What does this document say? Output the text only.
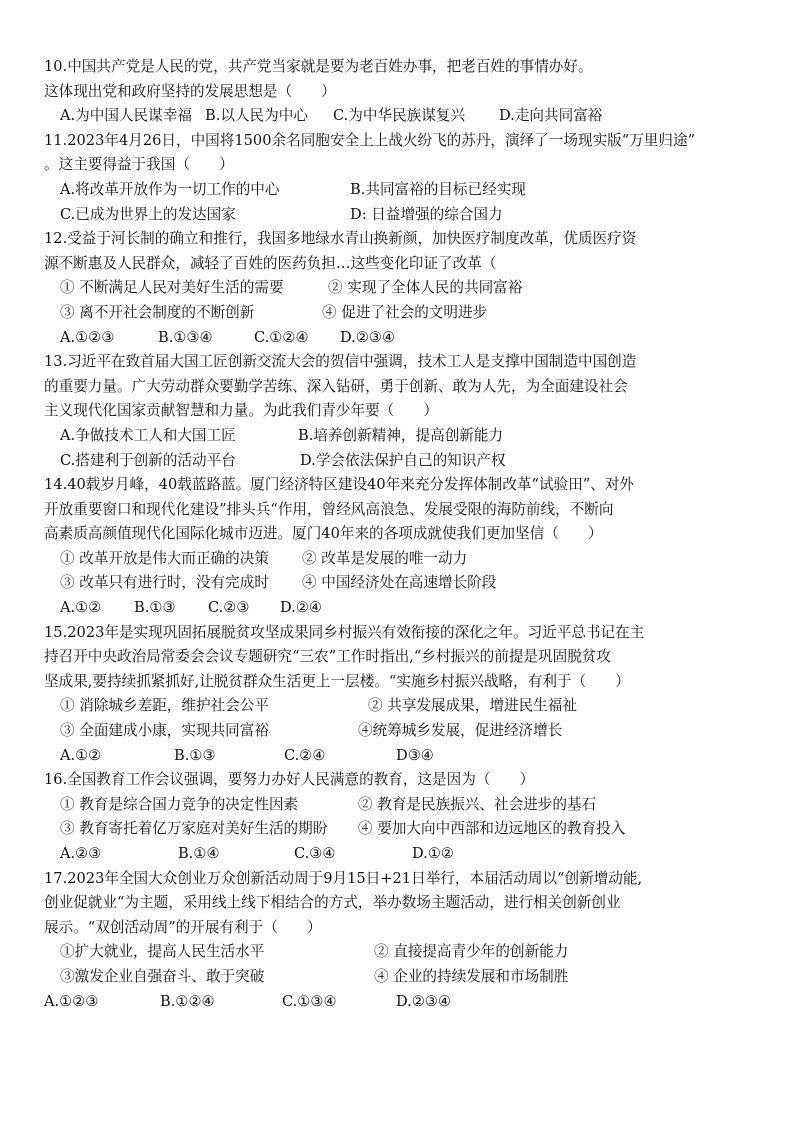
10.中国共产党是人民的党，共产党当家就是要为老百姓办事，把老百姓的事情办好。
这体现出党和政府坚持的发展思想是（　　）
A.为中国人民谋幸福 B.以人民为中心	C.为中华民族谋复兴	D.走向共同富裕
11.2023年4月26日，中国将1500余名同胞安全上上战火纷飞的苏丹，演绎了一场现实版“万里归途”
。这主要得益于我国（　　）
A.将改革开放作为一切工作的中心	B.共同富裕的目标已经实现
C.已成为世界上的发达国家	D: 日益增强的综合国力
12.受益于河长制的确立和推行，我国多地绿水青山换新颜，加快医疗制度改革，优质医疗资
源不断惠及人民群众，减轻了百姓的医药负担…这些变化印证了改革（
① 不断满足人民对美好生活的需要	② 实现了全体人民的共同富裕
③ 离不开社会制度的不断创新	④ 促进了社会的文明进步
A.①②③	B.①③④	C.①②④	D.②③④
13.习近平在致首届大国工匠创新交流大会的贺信中强调，技术工人是支撑中国制造中国创造
的重要力量。广大劳动群众要勤学苦练、深入钻研，勇于创新、敢为人先，为全面建设社会
主义现代化国家贡献智慧和力量。为此我们青少年要（　　）
A.争做技术工人和大国工匠	B.培养创新精神，提高创新能力
C.搭建利于创新的活动平台	D.学会依法保护自己的知识产权
14.40载岁月峰，40载蓝路蓝。厦门经济特区建设40年来充分发挥体制改革“试验田”、对外
开放重要窗口和现代化建设”排头兵“作用，曾经风高浪急、发展受限的海防前线，不断向
高素质高颜值现代化国际化城市迈进。厦门40年来的各项成就使我们更加坚信（　　）
① 改革开放是伟大而正确的决策	② 改革是发展的唯一动力
③ 改革只有进行时，没有完成时	④ 中国经济处在高速增长阶段
A.①②	B.①③	C.②③	D.②④
15.2023年是实现巩固拓展脱贫攻坚成果同乡村振兴有效衔接的深化之年。习近平总书记在主
持召开中央政治局常委会会议专题研究“三农”工作时指出,“乡村振兴的前提是巩固脱贫攻
坚成果,要持续抓紧抓好,让脱贫群众生活更上一层楼。“实施乡村振兴战略，有利于（　　）
① 消除城乡差距，维护社会公平	② 共享发展成果，增进民生福祉
③ 全面建成小康，实现共同富裕	④统筹城乡发展，促进经济增长
A.①②	B.①③	C.②④	D③④
16.全国教育工作会议强调，要努力办好人民满意的教育，这是因为（　　）
① 教育是综合国力竞争的决定性因素	② 教育是民族振兴、社会进步的基石
③ 教育寄托着亿万家庭对美好生活的期盼	④ 要加大向中西部和边远地区的教育投入
A.②③	B.①④	C.③④	D.①②
17.2023年全国大众创业万众创新活动周于9月15日+21日举行，本届活动周以“创新增动能,
创业促就业“为主题，采用线上线下相结合的方式，举办数场主题活动，进行相关创新创业
展示。“双创活动周”的开展有利于（　　）
①扩大就业，提高人民生活水平	② 直接提高青少年的创新能力
③激发企业自强奋斗、敢于突破	④ 企业的持续发展和市场制胜
A.①②③	B.①②④	C.①③④	D.②③④
